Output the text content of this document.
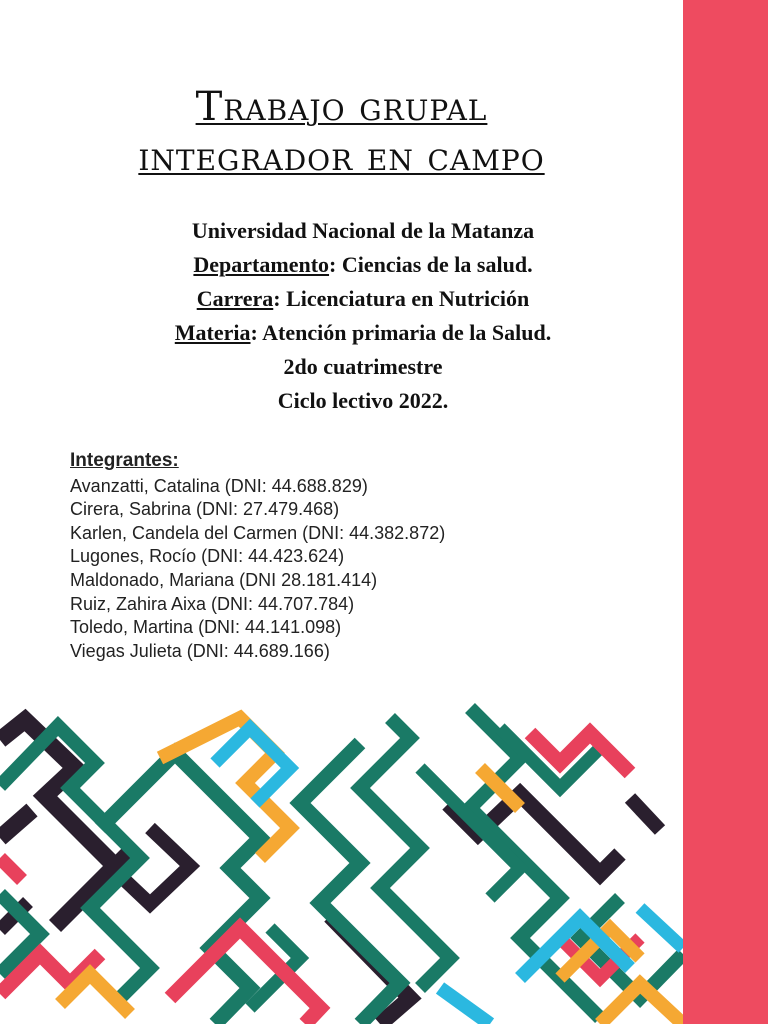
Trabajo grupal
integrador en campo
Universidad Nacional de la Matanza
Departamento: Ciencias de la salud.
Carrera: Licenciatura en Nutrición
Materia: Atención primaria de la Salud.
2do cuatrimestre
Ciclo lectivo 2022.
Integrantes:
Avanzatti, Catalina (DNI: 44.688.829)
Cirera, Sabrina (DNI: 27.479.468)
Karlen, Candela del Carmen (DNI: 44.382.872)
Lugones, Rocío (DNI: 44.423.624)
Maldonado, Mariana (DNI 28.181.414)
Ruiz, Zahira Aixa (DNI: 44.707.784)
Toledo, Martina (DNI: 44.141.098)
Viegas Julieta (DNI: 44.689.166)
